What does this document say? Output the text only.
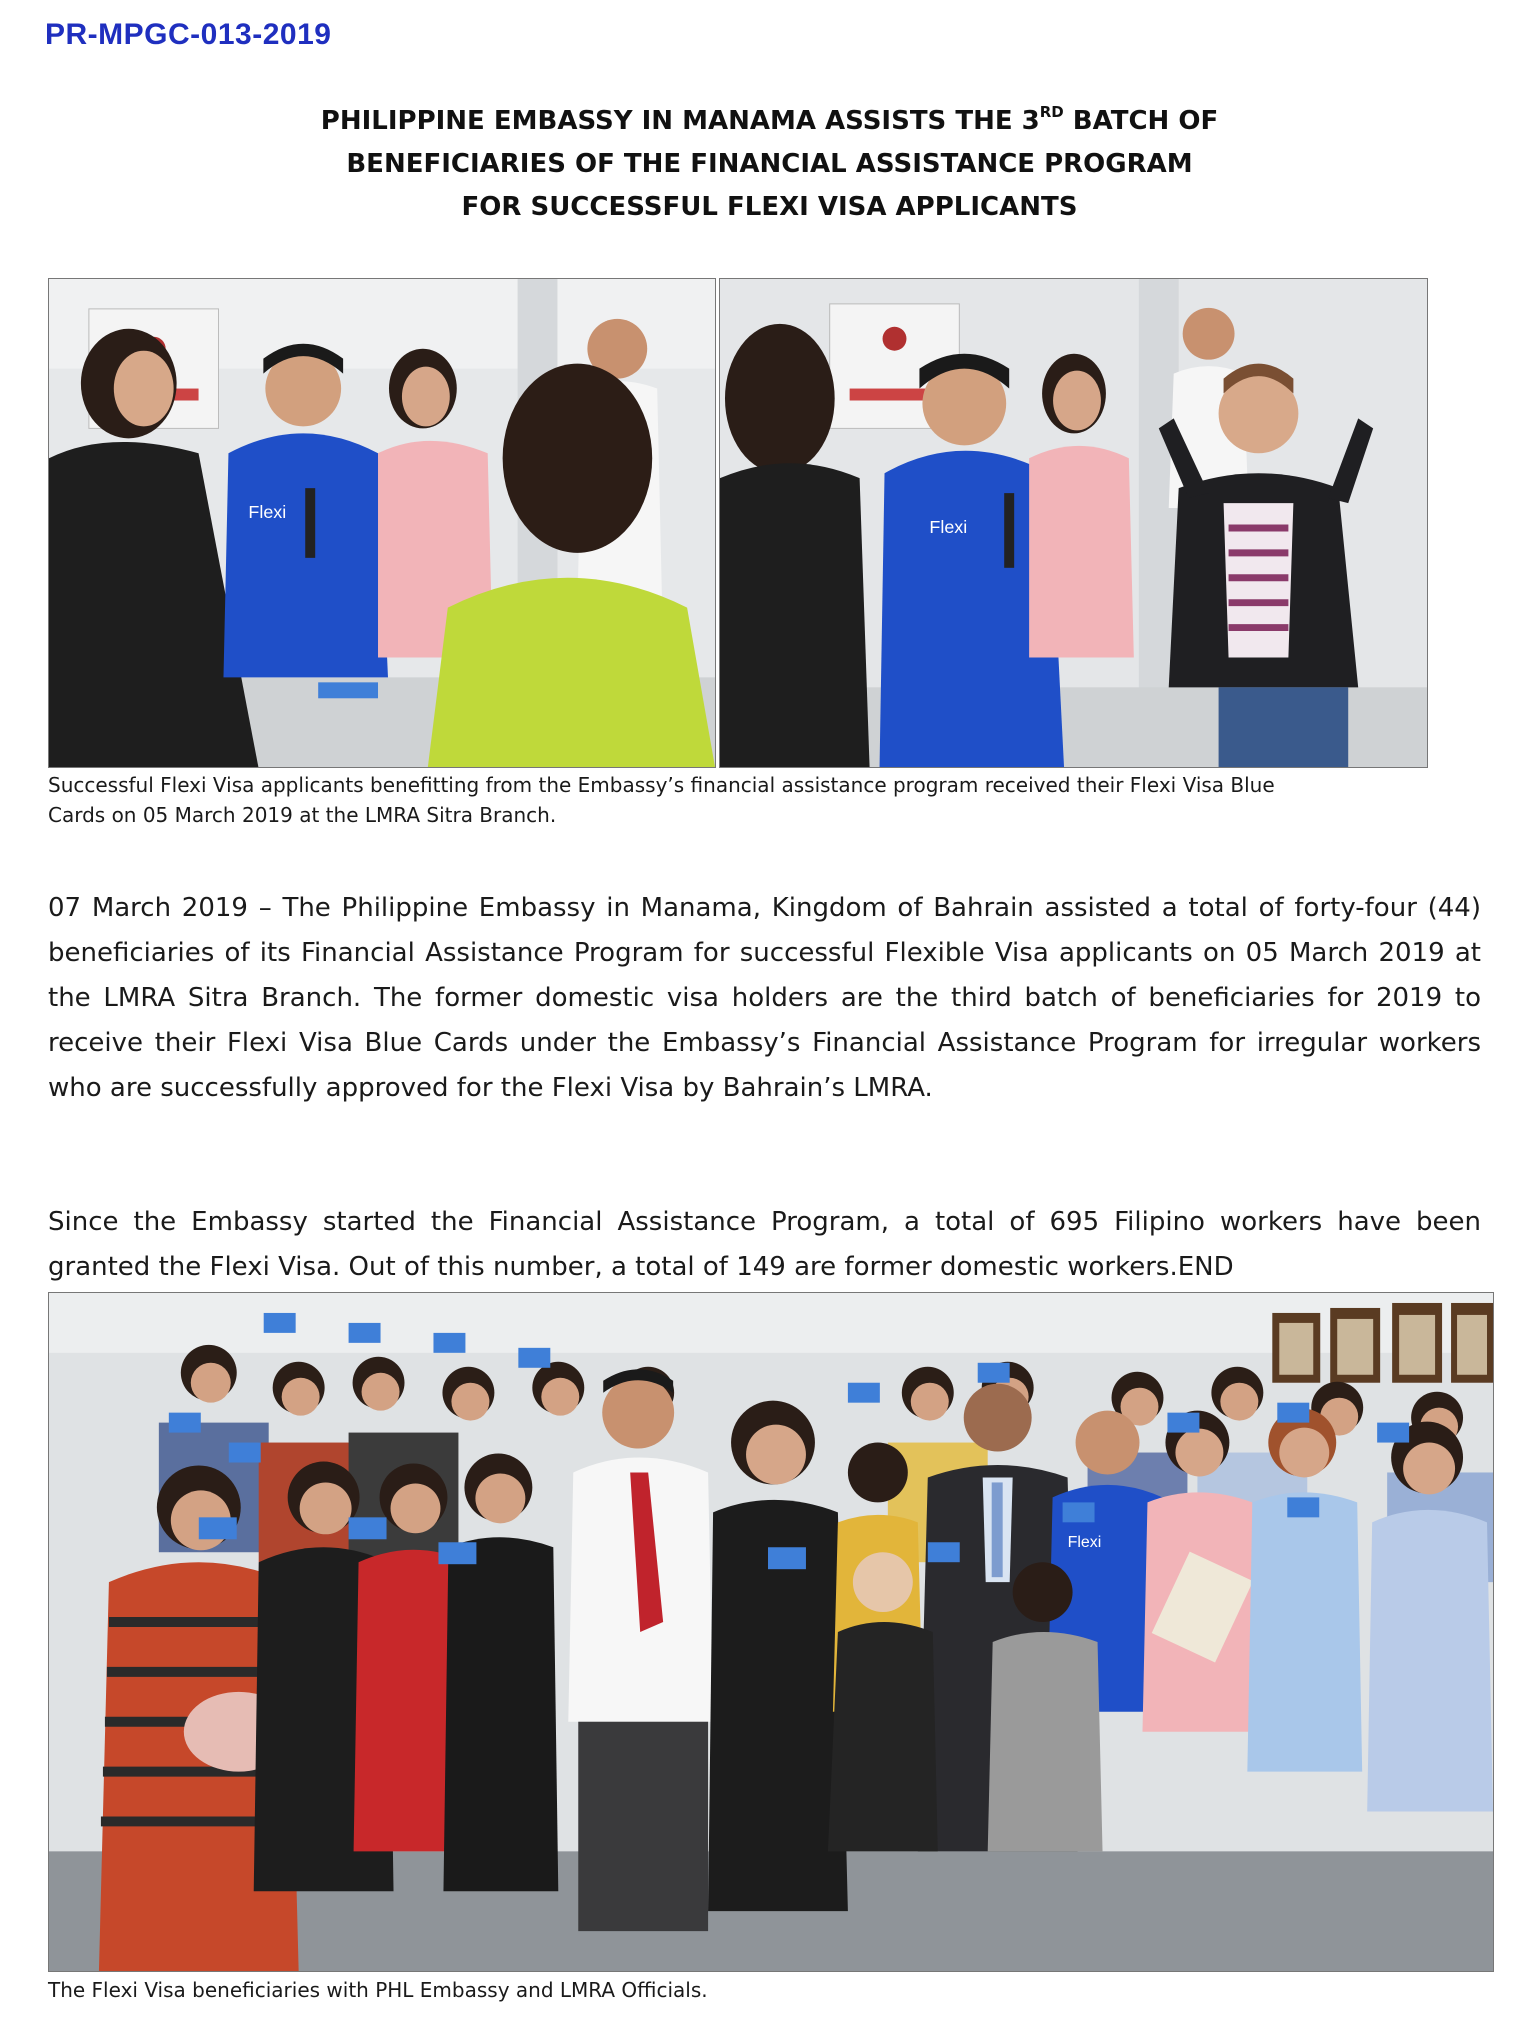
PR-MPGC-013-2019
PHILIPPINE EMBASSY IN MANAMA ASSISTS THE 3RD BATCH OF
BENEFICIARIES OF THE FINANCIAL ASSISTANCE PROGRAM
FOR SUCCESSFUL FLEXI VISA APPLICANTS
Flexi
Flexi
Successful Flexi Visa applicants benefitting from the Embassy’s financial assistance program received their Flexi Visa Blue
Cards on 05 March 2019 at the LMRA Sitra Branch.
07 March 2019 – The Philippine Embassy in Manama, Kingdom of Bahrain assisted a total of forty-four (44) beneficiaries of its Financial Assistance Program for successful Flexible Visa applicants on 05 March 2019 at the LMRA Sitra Branch. The former domestic visa holders are the third batch of beneficiaries for 2019 to receive their Flexi Visa Blue Cards under the Embassy’s Financial Assistance Program for irregular workers who are successfully approved for the Flexi Visa by Bahrain’s LMRA.
Since the Embassy started the Financial Assistance Program, a total of 695 Filipino workers have been granted the Flexi Visa. Out of this number, a total of 149 are former domestic workers.END
Flexi
The Flexi Visa beneficiaries with PHL Embassy and LMRA Officials.
